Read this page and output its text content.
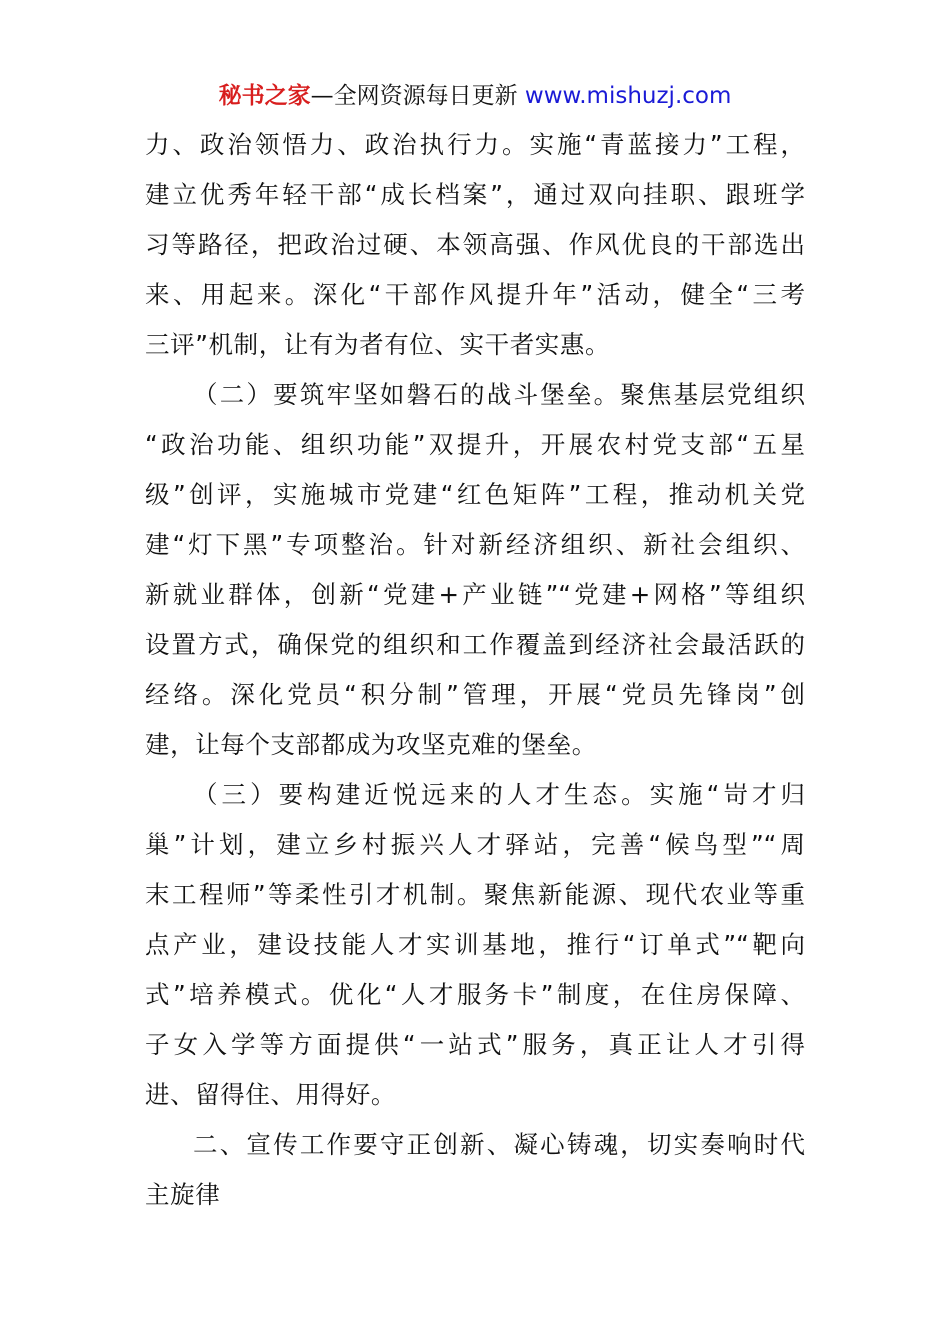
秘书之家—全网资源每日更新 www.mishuzj.com
力、政治领悟力、政治执行力。实施“青蓝接力”工程，
建立优秀年轻干部“成长档案”，通过双向挂职、跟班学
习等路径，把政治过硬、本领高强、作风优良的干部选出
来、用起来。深化“干部作风提升年”活动，健全“三考
三评”机制，让有为者有位、实干者实惠。
（二）要筑牢坚如磐石的战斗堡垒。聚焦基层党组织
“政治功能、组织功能”双提升，开展农村党支部“五星
级”创评，实施城市党建“红色矩阵”工程，推动机关党
建“灯下黑”专项整治。针对新经济组织、新社会组织、
新就业群体，创新“党建+产业链”“党建+网格”等组织
设置方式，确保党的组织和工作覆盖到经济社会最活跃的
经络。深化党员“积分制”管理，开展“党员先锋岗”创
建，让每个支部都成为攻坚克难的堡垒。
（三）要构建近悦远来的人才生态。实施“岢才归
巢”计划，建立乡村振兴人才驿站，完善“候鸟型”“周
末工程师”等柔性引才机制。聚焦新能源、现代农业等重
点产业，建设技能人才实训基地，推行“订单式”“靶向
式”培养模式。优化“人才服务卡”制度，在住房保障、
子女入学等方面提供“一站式”服务，真正让人才引得
进、留得住、用得好。
二、宣传工作要守正创新、凝心铸魂，切实奏响时代
主旋律
